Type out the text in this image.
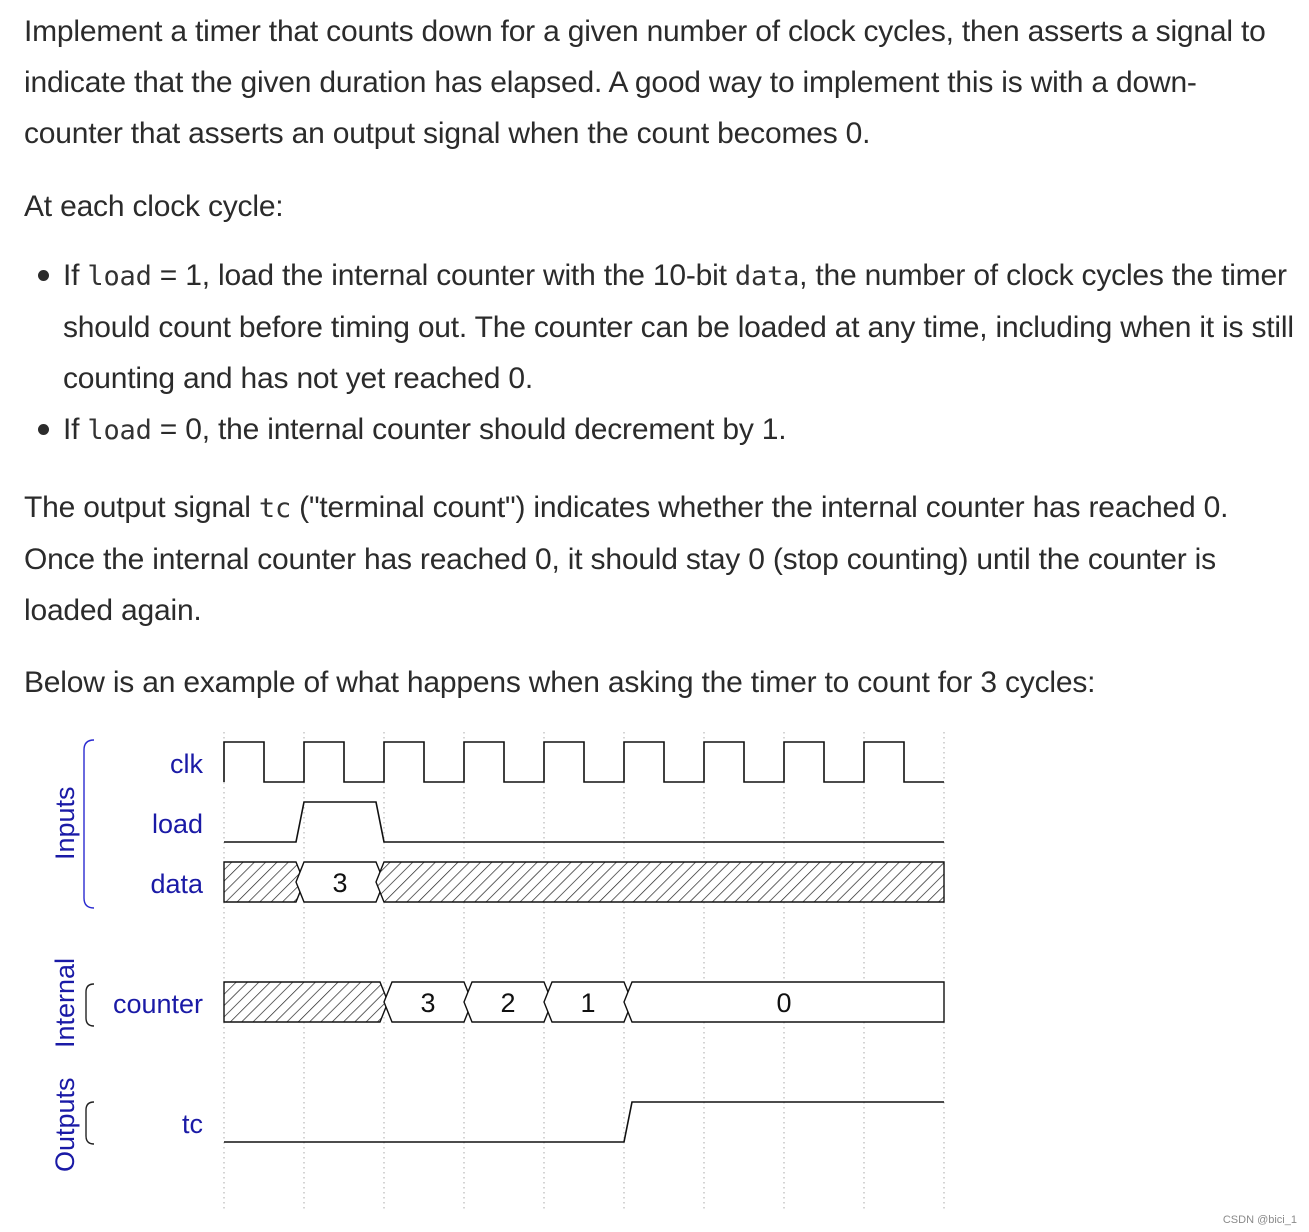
Implement a timer that counts down for a given number of clock cycles, then asserts a signal to indicate that the given duration has elapsed. A good way to implement this is with a down-counter that asserts an output signal when the count becomes 0.

At each clock cycle:

If load = 1, load the internal counter with the 10-bit data, the number of clock cycles the timer should count before timing out. The counter can be loaded at any time, including when it is still counting and has not yet reached 0.
If load = 0, the internal counter should decrement by 1.

The output signal tc ("terminal count") indicates whether the internal counter has reached 0. Once the internal counter has reached 0, it should stay 0 (stop counting) until the counter is loaded again.

Below is an example of what happens when asking the timer to count for 3 cycles:

Inputs
Internal
Outputs
clk
load
data
counter
tc
3
3 2 1	0
CSDN @bici_1
